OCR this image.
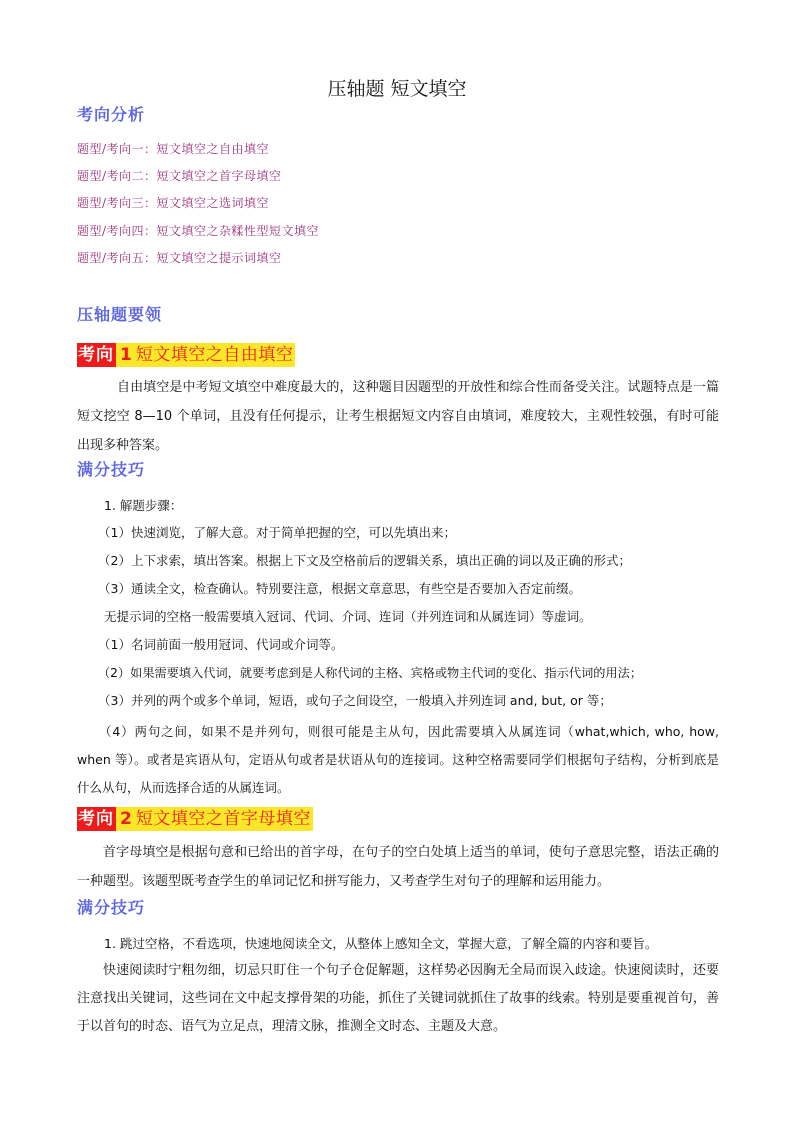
压轴题 短文填空
考向分析
题型/考向一：短文填空之自由填空
题型/考向二：短文填空之首字母填空
题型/考向三：短文填空之选词填空
题型/考向四：短文填空之杂糅性型短文填空
题型/考向五：短文填空之提示词填空
压轴题要领
考向 1 短文填空之自由填空

自由填空是中考短文填空中难度最大的，这种题目因题型的开放性和综合性而备受关注。试题特点是一篇短文挖空 8—10 个单词，且没有任何提示，让考生根据短文内容自由填词，难度较大，主观性较强，有时可能出现多种答案。

满分技巧
1. 解题步骤：
（1）快速浏览，了解大意。对于简单把握的空，可以先填出来；
（2）上下求索，填出答案。根据上下文及空格前后的逻辑关系，填出正确的词以及正确的形式；
（3）通读全文，检查确认。特别要注意，根据文章意思，有些空是否要加入否定前缀。
无提示词的空格一般需要填入冠词、代词、介词、连词（并列连词和从属连词）等虚词。
（1）名词前面一般用冠词、代词或介词等。
（2）如果需要填入代词，就要考虑到是人称代词的主格、宾格或物主代词的变化、指示代词的用法；
（3）并列的两个或多个单词，短语，或句子之间设空，一般填入并列连词 and, but, or 等；

（4）两句之间，如果不是并列句，则很可能是主从句，因此需要填入从属连词（what,which, who, how, when 等）。或者是宾语从句，定语从句或者是状语从句的连接词。这种空格需要同学们根据句子结构，分析到底是什么从句，从而选择合适的从属连词。

考向 2 短文填空之首字母填空

首字母填空是根据句意和已给出的首字母，在句子的空白处填上适当的单词，使句子意思完整，语法正确的一种题型。该题型既考查学生的单词记忆和拼写能力，又考查学生对句子的理解和运用能力。

满分技巧
1. 跳过空格，不看选项，快速地阅读全文，从整体上感知全文，掌握大意，了解全篇的内容和要旨。

快速阅读时宁粗勿细，切忌只盯住一个句子仓促解题，这样势必因胸无全局而误入歧途。快速阅读时，还要注意找出关键词，这些词在文中起支撑骨架的功能，抓住了关键词就抓住了故事的线索。特别是要重视首句，善于以首句的时态、语气为立足点，理清文脉，推测全文时态、主题及大意。
